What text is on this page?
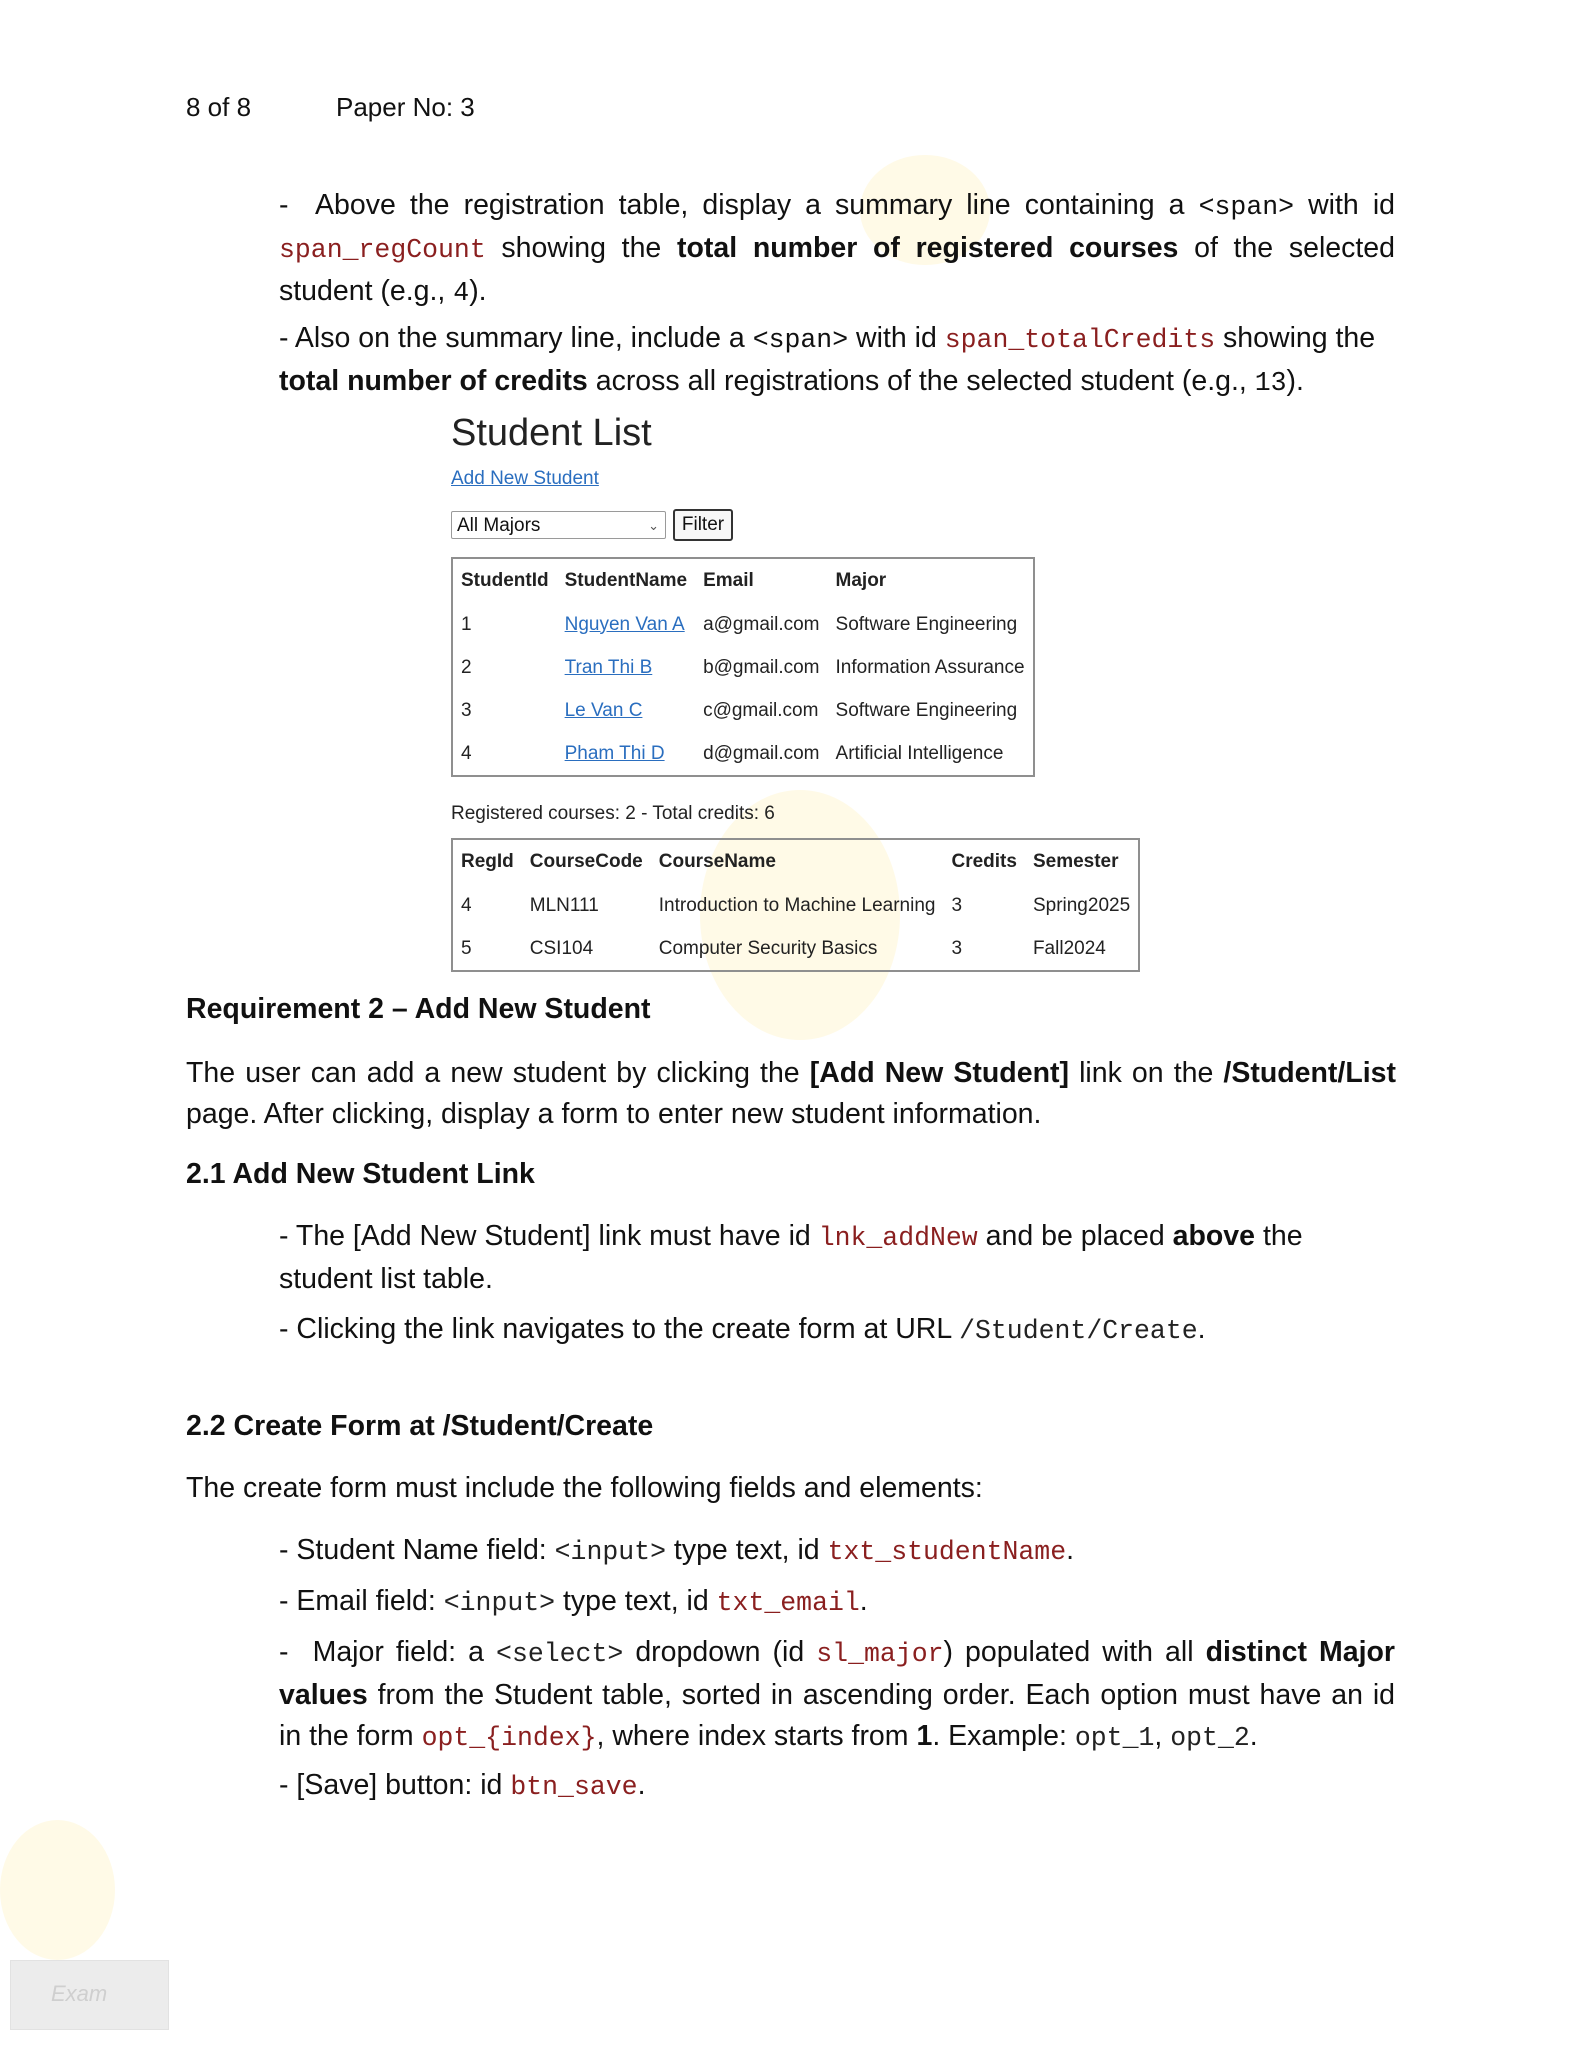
8 of 8	Paper No: 3
- Above the registration table, display a summary line containing a <span> with id span_regCount showing the total number of registered courses of the selected student (e.g., 4).
- Also on the summary line, include a <span> with id span_totalCredits showing the total number of credits across all registrations of the selected student (e.g., 13).
Student List
Add New Student
All Majors	⌄	Filter
StudentId	StudentName	Email	Major
1	Nguyen Van A	a@gmail.com	Software Engineering
2	Tran Thi B	b@gmail.com	Information Assurance
3	Le Van C	c@gmail.com	Software Engineering
4	Pham Thi D	d@gmail.com	Artificial Intelligence
Registered courses: 2 - Total credits: 6
RegId	CourseCode	CourseName	Credits	Semester
4	MLN111	Introduction to Machine Learning	3	Spring2025
5	CSI104	Computer Security Basics	3	Fall2024
Requirement 2 – Add New Student
The user can add a new student by clicking the [Add New Student] link on the /Student/List page. After clicking, display a form to enter new student information.
2.1 Add New Student Link
- The [Add New Student] link must have id lnk_addNew and be placed above the student list table.
- Clicking the link navigates to the create form at URL /Student/Create.
2.2 Create Form at /Student/Create
The create form must include the following fields and elements:
- Student Name field: <input> type text, id txt_studentName.
- Email field: <input> type text, id txt_email.
- Major field: a <select> dropdown (id sl_major) populated with all distinct Major values from the Student table, sorted in ascending order. Each option must have an id in the form opt_{index}, where index starts from 1. Example: opt_1, opt_2.
- [Save] button: id btn_save.
Exam
